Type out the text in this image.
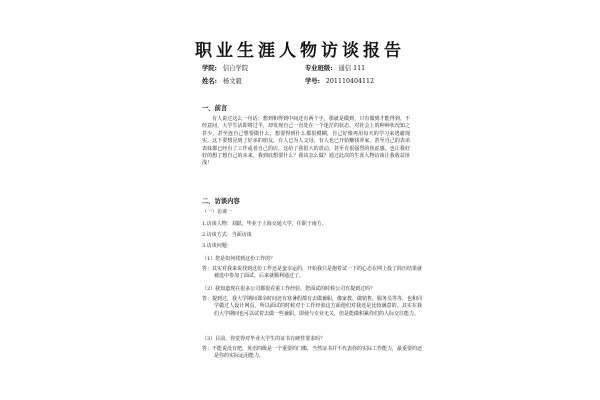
职业生涯人物访谈报告
学院: 信自学院	专业班级: 通信 111
姓名: 杨文毅	学号: 201110404112
一、前言

有人说过这么一句话：想到和得到中间还有两个字，那就是做到，只有做到才能得到。不经意间，大学生活即将过半，却发现自己一直处在一个迷茫的状态，对社会上的种种状况知之甚少，甚至连自己想要做什么，想要得到什么都很模糊，自己好像再用每天的学习来逃避现实。这下要想见到了好多的朋友，有人已为人父母，有人也已开始赚钱养家，甚至自己的表弟表妹都已经有了工作或者自己的店，这给了我很大的震动，甚至有很强烈的焦虑感。也让我好好的想了想自己的未来，我到底想要什么？我该怎么做？通过此次的生涯人物访谈让我收益匪浅！

二、访谈内容
（一）访谈一
1.访谈人物：刘跃，毕业于上海交通大学，任职于南方。
2.访谈方式：当面访谈
3.访谈问题：
（1）您是如何找到这份工作的？

答：其实对我来说找到这份工作还是蛮幸运的，开始我只是抱着试一下的心态在网上投了简历结果就被选中参加了面试，后来就顺利通过了。

（2）我知道现在很多公司都很看重工作经验，您面试的时候公司有提到过吗？

答：提到过，我大学期间课余时间还有寒暑假都有去做兼职，像家教、做销售、服务员等等，也和同学做过人设计网页。所以面试的时候对于工作经验这方面他们对我还是比较满意的。其实在我们大学期间也可以试着去做一些兼职，即使与专业无关，但是能做积累你们的人际交往能力。

（3）目前，你觉得对毕业大学生的证书有硬性要求吗？

答：不能说没有吧，英语四级是一个重要的门槛，当然证书并不代表你的实际工作能力，最重要的还是你的实际运用能力。
